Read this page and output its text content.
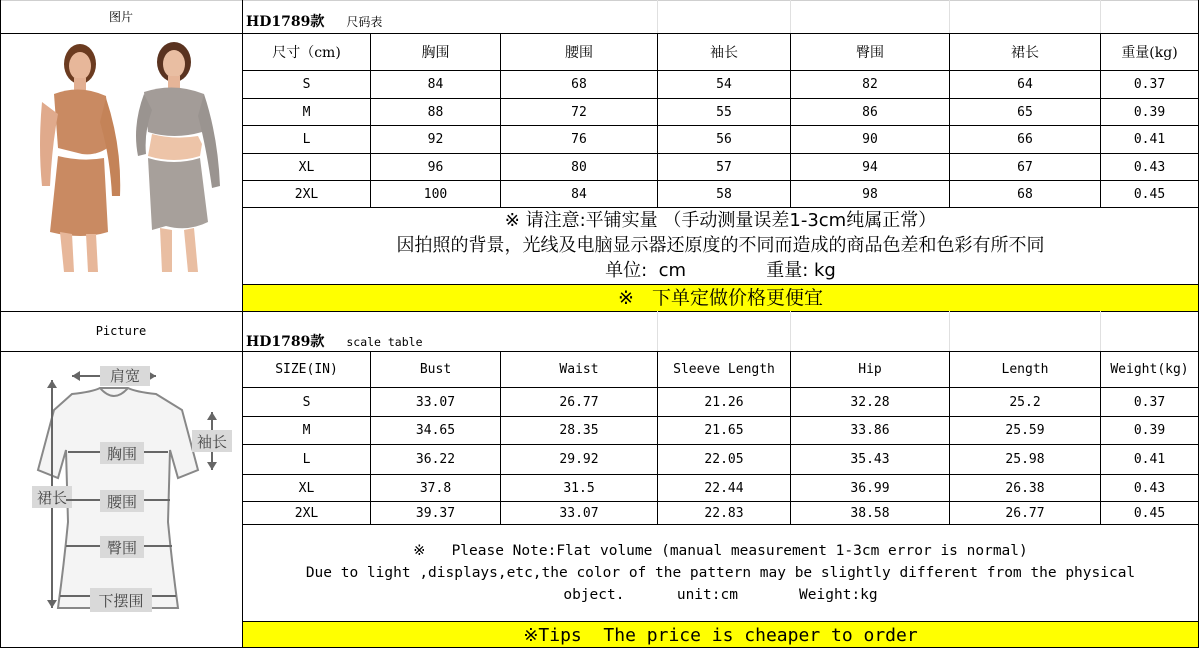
图片	HD1789款 尺码表
尺寸（cm)	胸围	腰围	袖长	臀围	裙长	重量(kg)
S	84	68	54	82	64	0.37
M	88	72	55	86	65	0.39
L	92	76	56	90	66	0.41
XL	96	80	57	94	67	0.43
2XL	100	84	58	98	68	0.45
※ 请注意:平铺实量 （手动测量误差1-3cm纯属正常）
因拍照的背景，光线及电脑显示器还原度的不同而造成的商品色差和色彩有所不同
单位:  cm              重量: kg
※   下单定做价格更便宜
Picture
HD1789款 scale table
肩宽
袖长
裙长
胸围
腰围
臀围
下摆围
SIZE(IN)	Bust	Waist	Sleeve Length	Hip	Length	Weight(kg)
S	33.07	26.77	21.26	32.28	25.2	0.37
M	34.65	28.35	21.65	33.86	25.59	0.39
L	36.22	29.92	22.05	35.43	25.98	0.41
XL	37.8	31.5	22.44	36.99	26.38	0.43
2XL	39.37	33.07	22.83	38.58	26.77	0.45
※   Please Note:Flat volume (manual measurement 1-3cm error is normal)
Due to light ,displays,etc,the color of the pattern may be slightly different from the physical
object.      unit:cm       Weight:kg
※Tips  The price is cheaper to order
